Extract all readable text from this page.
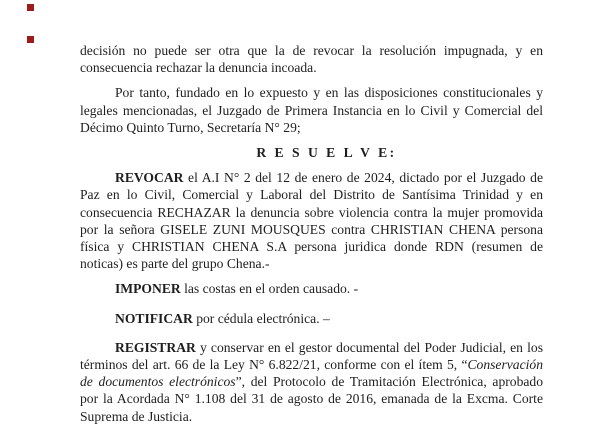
decisión no puede ser otra que la de revocar la resolución impugnada, y en consecuencia rechazar la denuncia incoada.

Por tanto, fundado en lo expuesto y en las disposiciones constitucionales y legales mencionadas, el Juzgado de Primera Instancia en lo Civil y Comercial del Décimo Quinto Turno, Secretaría N° 29;

R E S U E L V E:

REVOCAR el A.I N° 2 del 12 de enero de 2024, dictado por el Juzgado de Paz en lo Civil, Comercial y Laboral del Distrito de Santísima Trinidad y en consecuencia RECHAZAR la denuncia sobre violencia contra la mujer promovida por la señora GISELE ZUNI MOUSQUES contra CHRISTIAN CHENA persona física y CHRISTIAN CHENA S.A persona juridica donde RDN (resumen de noticas) es parte del grupo Chena.-

IMPONER las costas en el orden causado. -

NOTIFICAR por cédula electrónica. –

REGISTRAR y conservar en el gestor documental del Poder Judicial, en los términos del art. 66 de la Ley N° 6.822/21, conforme con el ítem 5, “Conservación de documentos electrónicos”, del Protocolo de Tramitación Electrónica, aprobado por la Acordada N° 1.108 del 31 de agosto de 2016, emanada de la Excma. Corte Suprema de Justicia.
